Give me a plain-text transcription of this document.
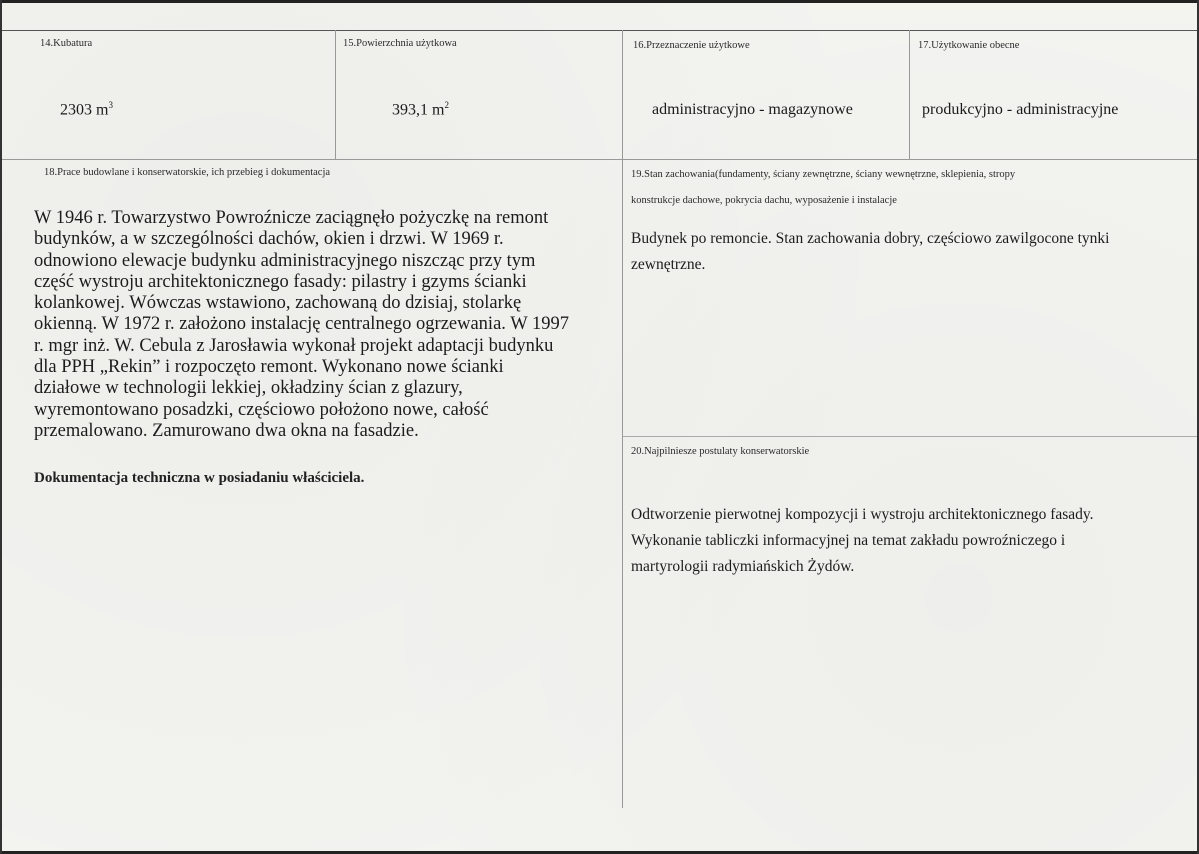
14.Kubatura
2303 $m^3$
15.Powierzchnia użytkowa
393,1 $m^2$
16.Przeznaczenie użytkowe
administracyjno - magazynowe
17.Użytkowanie obecne
produkcyjno - administracyjne
18.Prace budowlane i konserwatorskie, ich przebieg i dokumentacja
W 1946 r. Towarzystwo Powroźnicze zaciągnęło pożyczkę na remont
budynków, a w szczególności dachów, okien i drzwi. W 1969 r.
odnowiono elewacje budynku administracyjnego niszcząc przy tym
część wystroju architektonicznego fasady: pilastry i gzyms ścianki
kolankowej. Wówczas wstawiono, zachowaną do dzisiaj, stolarkę
okienną. W 1972 r. założono instalację centralnego ogrzewania. W 1997
r. mgr inż. W. Cebula z Jarosławia wykonał projekt adaptacji budynku
dla PPH „Rekin” i rozpoczęto remont. Wykonano nowe ścianki
działowe w technologii lekkiej, okładziny ścian z glazury,
wyremontowano posadzki, częściowo położono nowe, całość
przemalowano. Zamurowano dwa okna na fasadzie.
Dokumentacja techniczna w posiadaniu właściciela.
19.Stan zachowania(fundamenty, ściany zewnętrzne, ściany wewnętrzne, sklepienia, stropy
konstrukcje dachowe, pokrycia dachu, wyposażenie i instalacje
Budynek po remoncie. Stan zachowania dobry, częściowo zawilgocone tynki
zewnętrzne.
20.Najpilniesze postulaty konserwatorskie
Odtworzenie pierwotnej kompozycji i wystroju architektonicznego fasady.
Wykonanie tabliczki informacyjnej na temat zakładu powroźniczego i
martyrologii radymiańskich Żydów.
